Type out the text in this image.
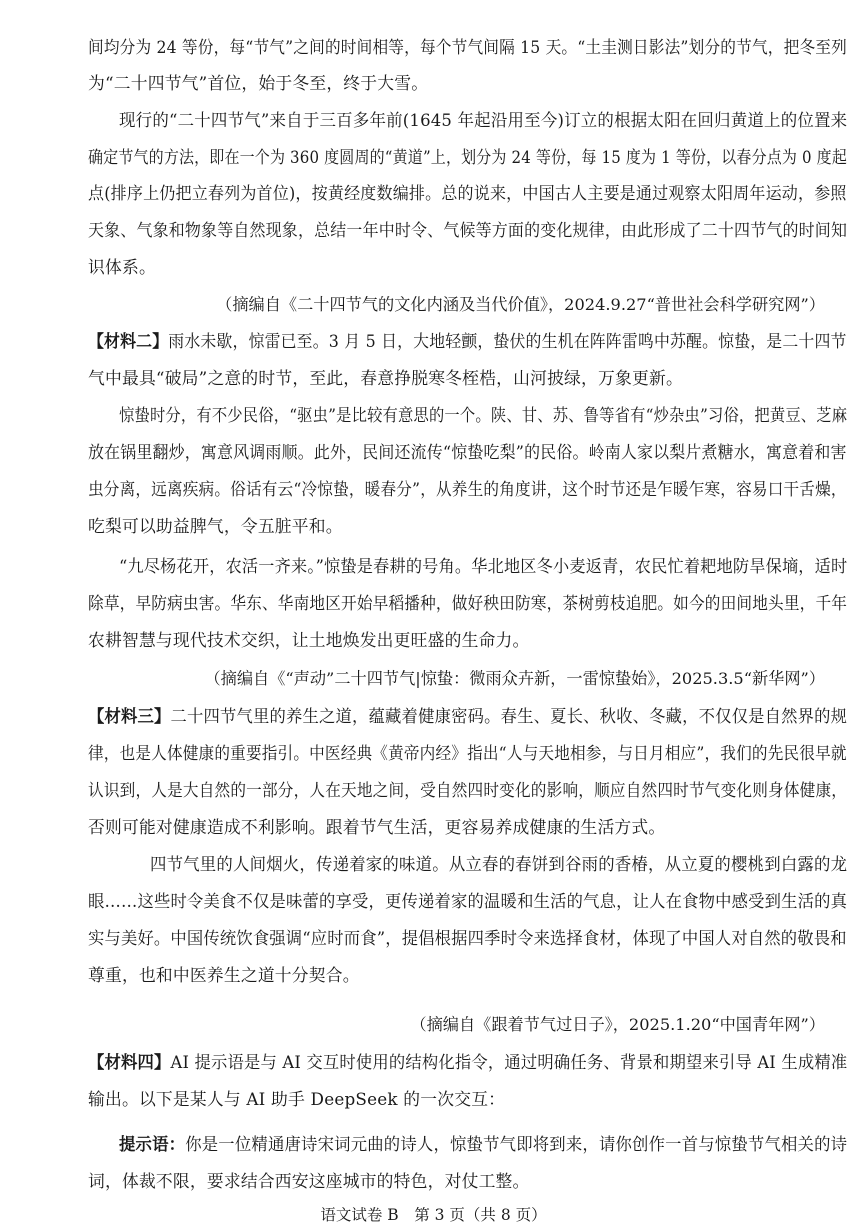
间均分为 24 等份，每“节气”之间的时间相等，每个节气间隔 15 天。“土圭测日影法”划分的节气，把冬至列
为“二十四节气”首位，始于冬至，终于大雪。
现行的“二十四节气”来自于三百多年前(1645 年起沿用至今)订立的根据太阳在回归黄道上的位置来
确定节气的方法，即在一个为 360 度圆周的“黄道”上，划分为 24 等份，每 15 度为 1 等份，以春分点为 0 度起
点(排序上仍把立春列为首位)，按黄经度数编排。总的说来，中国古人主要是通过观察太阳周年运动，参照
天象、气象和物象等自然现象，总结一年中时令、气候等方面的变化规律，由此形成了二十四节气的时间知
识体系。
（摘编自《二十四节气的文化内涵及当代价值》，2024.9.27“普世社会科学研究网”）
【材料二】雨水未歇，惊雷已至。3 月 5 日，大地轻颤，蛰伏的生机在阵阵雷鸣中苏醒。惊蛰，是二十四节
气中最具“破局”之意的时节，至此，春意挣脱寒冬桎梏，山河披绿，万象更新。
惊蛰时分，有不少民俗，“驱虫”是比较有意思的一个。陕、甘、苏、鲁等省有“炒杂虫”习俗，把黄豆、芝麻
放在锅里翻炒，寓意风调雨顺。此外，民间还流传“惊蛰吃梨”的民俗。岭南人家以梨片煮糖水，寓意着和害
虫分离，远离疾病。俗话有云“冷惊蛰，暖春分”，从养生的角度讲，这个时节还是乍暖乍寒，容易口干舌燥，
吃梨可以助益脾气，令五脏平和。
“九尽杨花开，农活一齐来。”惊蛰是春耕的号角。华北地区冬小麦返青，农民忙着耙地防旱保墒，适时
除草，早防病虫害。华东、华南地区开始早稻播种，做好秧田防寒，茶树剪枝追肥。如今的田间地头里，千年
农耕智慧与现代技术交织，让土地焕发出更旺盛的生命力。
（摘编自《“声动”二十四节气|惊蛰：微雨众卉新，一雷惊蛰始》，2025.3.5“新华网”）
【材料三】二十四节气里的养生之道，蕴藏着健康密码。春生、夏长、秋收、冬藏，不仅仅是自然界的规
律，也是人体健康的重要指引。中医经典《黄帝内经》指出“人与天地相参，与日月相应”，我们的先民很早就
认识到，人是大自然的一部分，人在天地之间，受自然四时变化的影响，顺应自然四时节气变化则身体健康，
否则可能对健康造成不利影响。跟着节气生活，更容易养成健康的生活方式。
四节气里的人间烟火，传递着家的味道。从立春的春饼到谷雨的香椿，从立夏的樱桃到白露的龙
眼……这些时令美食不仅是味蕾的享受，更传递着家的温暖和生活的气息，让人在食物中感受到生活的真
实与美好。中国传统饮食强调“应时而食”，提倡根据四季时令来选择食材，体现了中国人对自然的敬畏和
尊重，也和中医养生之道十分契合。
（摘编自《跟着节气过日子》，2025.1.20“中国青年网”）
【材料四】AI 提示语是与 AI 交互时使用的结构化指令，通过明确任务、背景和期望来引导 AI 生成精准
输出。以下是某人与 AI 助手 DeepSeek 的一次交互：
提示语：你是一位精通唐诗宋词元曲的诗人，惊蛰节气即将到来，请你创作一首与惊蛰节气相关的诗
词，体裁不限，要求结合西安这座城市的特色，对仗工整。
语文试卷 B　第 3 页（共 8 页）
